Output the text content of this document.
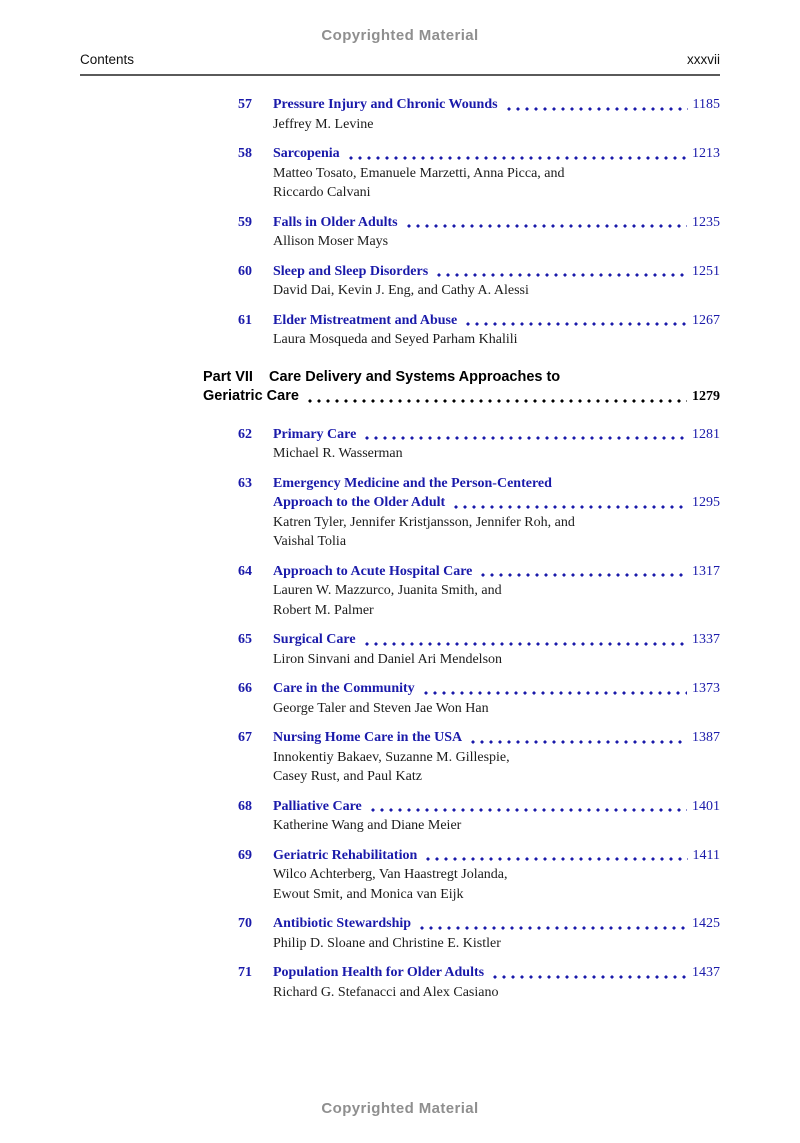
Copyrighted Material
Contents	xxxvii
57	Pressure Injury and Chronic Wounds	1185
Jeffrey M. Levine
58	Sarcopenia	1213
Matteo Tosato, Emanuele Marzetti, Anna Picca, and
Riccardo Calvani
59	Falls in Older Adults	1235
Allison Moser Mays
60	Sleep and Sleep Disorders	1251
David Dai, Kevin J. Eng, and Cathy A. Alessi
61	Elder Mistreatment and Abuse	1267
Laura Mosqueda and Seyed Parham Khalili
Part VII Care Delivery and Systems Approaches to
Geriatric Care	1279
62	Primary Care	1281
Michael R. Wasserman
63	Emergency Medicine and the Person-Centered
Approach to the Older Adult	1295
Katren Tyler, Jennifer Kristjansson, Jennifer Roh, and
Vaishal Tolia
64	Approach to Acute Hospital Care	1317
Lauren W. Mazzurco, Juanita Smith, and
Robert M. Palmer
65	Surgical Care	1337
Liron Sinvani and Daniel Ari Mendelson
66	Care in the Community	1373
George Taler and Steven Jae Won Han
67	Nursing Home Care in the USA	1387
Innokentiy Bakaev, Suzanne M. Gillespie,
Casey Rust, and Paul Katz
68	Palliative Care	1401
Katherine Wang and Diane Meier
69	Geriatric Rehabilitation	1411
Wilco Achterberg, Van Haastregt Jolanda,
Ewout Smit, and Monica van Eijk
70	Antibiotic Stewardship	1425
Philip D. Sloane and Christine E. Kistler
71	Population Health for Older Adults	1437
Richard G. Stefanacci and Alex Casiano
Copyrighted Material
